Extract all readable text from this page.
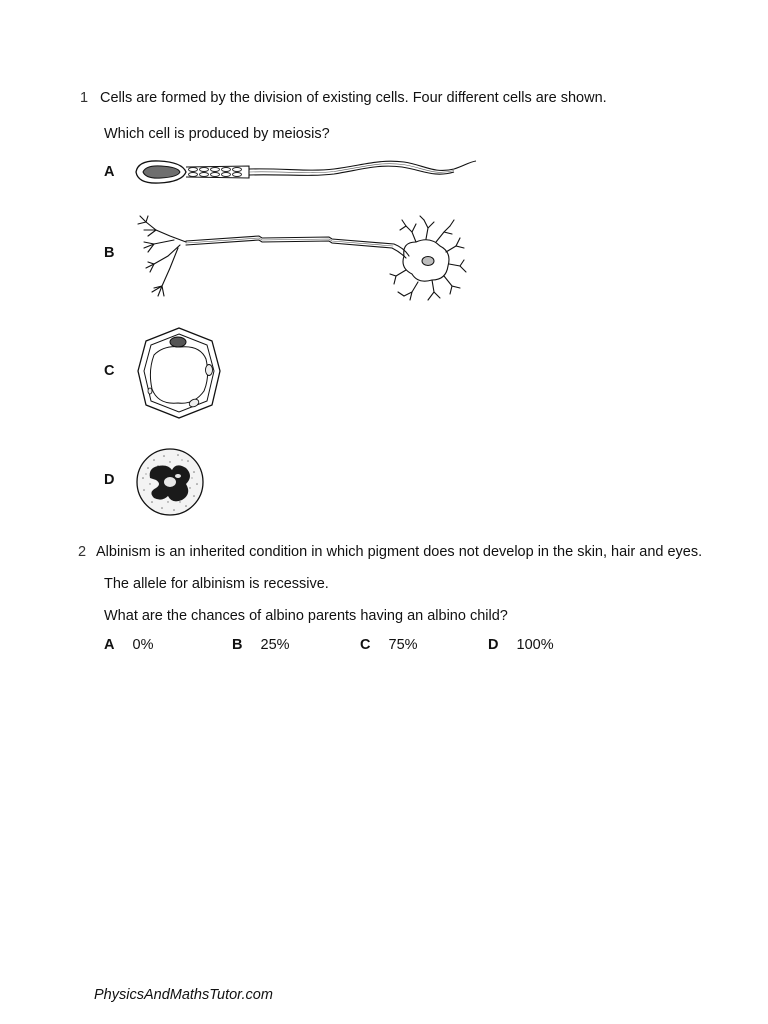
1 Cells are formed by the division of existing cells. Four different cells are shown.
Which cell is produced by meiosis?
A
B
C
D
2 Albinism is an inherited condition in which pigment does not develop in the skin, hair and eyes.
The allele for albinism is recessive.
What are the chances of albino parents having an albino child?
A 0%	B 25%	C 75%	D 100%
PhysicsAndMathsTutor.com
